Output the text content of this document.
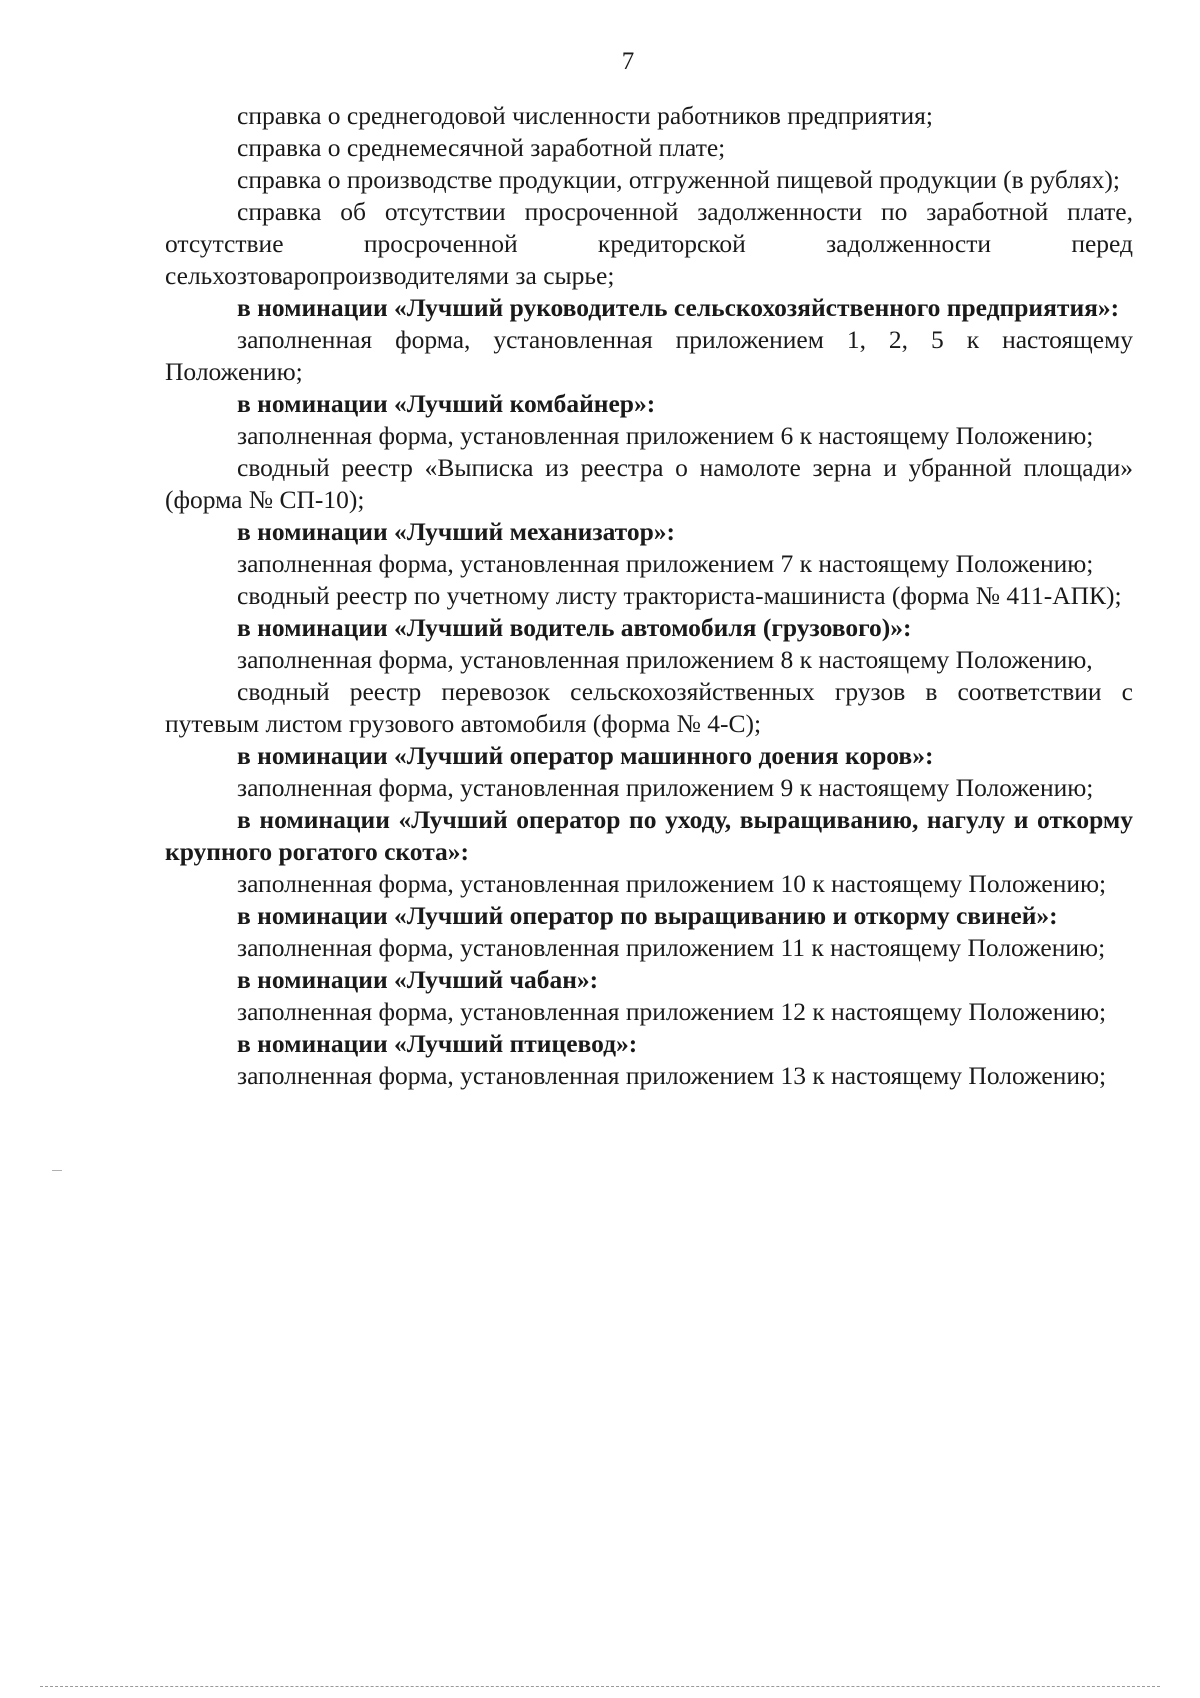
7

справка о среднегодовой численности работников предприятия;

справка о среднемесячной заработной плате;

справка о производстве продукции, отгруженной пищевой продукции (в рублях);

справка об отсутствии просроченной задолженности по заработной плате, отсутствие просроченной кредиторской задолженности перед сельхозтоваропроизводителями за сырье;

в номинации «Лучший руководитель сельскохозяйственного предприятия»:

заполненная форма, установленная приложением 1, 2, 5 к настоящему Положению;

в номинации «Лучший комбайнер»:

заполненная форма, установленная приложением 6 к настоящему Положению;

сводный реестр «Выписка из реестра о намолоте зерна и убранной площади» (форма № СП-10);

в номинации «Лучший механизатор»:

заполненная форма, установленная приложением 7 к настоящему Положению;

сводный реестр по учетному листу тракториста-машиниста (форма № 411-АПК);

в номинации «Лучший водитель автомобиля (грузового)»:

заполненная форма, установленная приложением 8 к настоящему Положению,

сводный реестр перевозок сельскохозяйственных грузов в соответствии с путевым листом грузового автомобиля (форма № 4-С);

в номинации «Лучший оператор машинного доения коров»:

заполненная форма, установленная приложением 9 к настоящему Положению;

в номинации «Лучший оператор по уходу, выращиванию, нагулу и откорму крупного рогатого скота»:

заполненная форма, установленная приложением 10 к настоящему Положению;

в номинации «Лучший оператор по выращиванию и откорму свиней»:

заполненная форма, установленная приложением 11 к настоящему Положению;

в номинации «Лучший чабан»:

заполненная форма, установленная приложением 12 к настоящему Положению;

в номинации «Лучший птицевод»:

заполненная форма, установленная приложением 13 к настоящему Положению;
